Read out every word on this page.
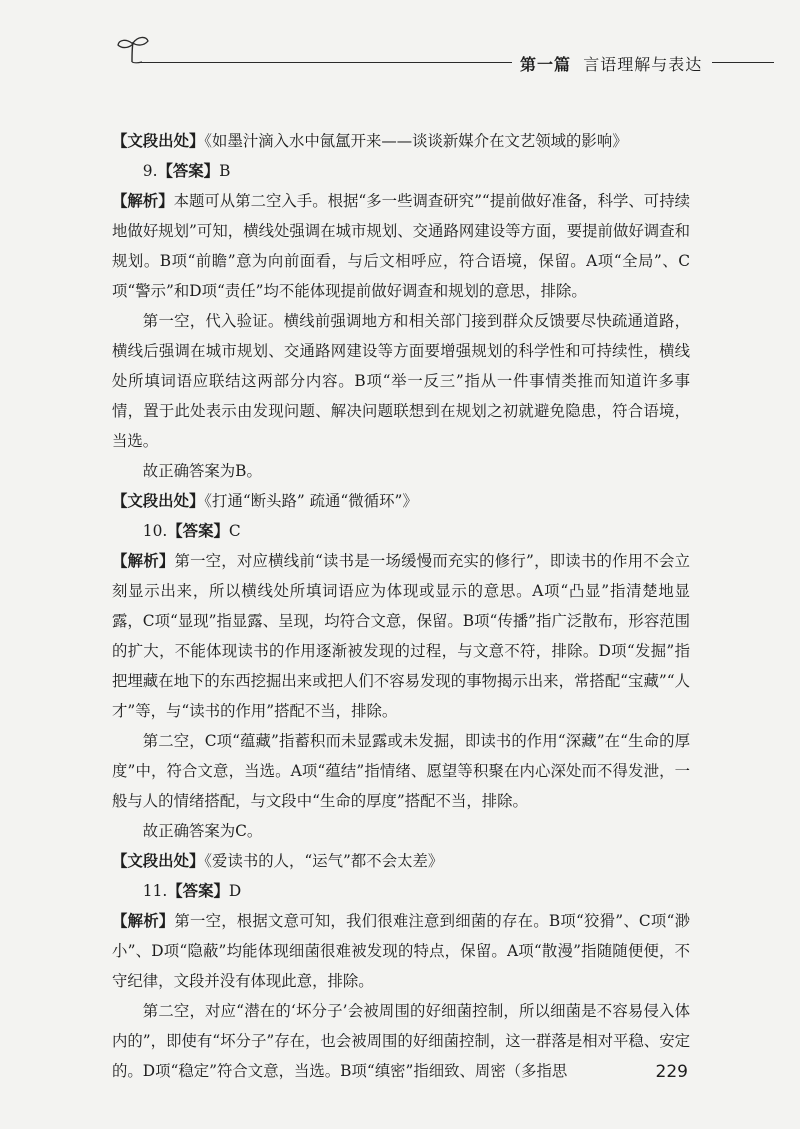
第一篇 言语理解与表达

【文段出处】《如墨汁滴入水中氤氲开来——谈谈新媒介在文艺领域的影响》

9.【答案】B

【解析】本题可从第二空入手。根据“多一些调查研究”“提前做好准备，科学、可持续地做好规划”可知，横线处强调在城市规划、交通路网建设等方面，要提前做好调查和规划。B项“前瞻”意为向前面看，与后文相呼应，符合语境，保留。A项“全局”、C项“警示”和D项“责任”均不能体现提前做好调查和规划的意思，排除。

第一空，代入验证。横线前强调地方和相关部门接到群众反馈要尽快疏通道路，横线后强调在城市规划、交通路网建设等方面要增强规划的科学性和可持续性，横线处所填词语应联结这两部分内容。B项“举一反三”指从一件事情类推而知道许多事情，置于此处表示由发现问题、解决问题联想到在规划之初就避免隐患，符合语境，当选。

故正确答案为B。

【文段出处】《打通“断头路” 疏通“微循环”》

10.【答案】C

【解析】第一空，对应横线前“读书是一场缓慢而充实的修行”，即读书的作用不会立刻显示出来，所以横线处所填词语应为体现或显示的意思。A项“凸显”指清楚地显露，C项“显现”指显露、呈现，均符合文意，保留。B项“传播”指广泛散布，形容范围的扩大，不能体现读书的作用逐渐被发现的过程，与文意不符，排除。D项“发掘”指把埋藏在地下的东西挖掘出来或把人们不容易发现的事物揭示出来，常搭配“宝藏”“人才”等，与“读书的作用”搭配不当，排除。

第二空，C项“蕴藏”指蓄积而未显露或未发掘，即读书的作用“深藏”在“生命的厚度”中，符合文意，当选。A项“蕴结”指情绪、愿望等积聚在内心深处而不得发泄，一般与人的情绪搭配，与文段中“生命的厚度”搭配不当，排除。

故正确答案为C。

【文段出处】《爱读书的人，“运气”都不会太差》

11.【答案】D

【解析】第一空，根据文意可知，我们很难注意到细菌的存在。B项“狡猾”、C项“渺小”、D项“隐蔽”均能体现细菌很难被发现的特点，保留。A项“散漫”指随随便便，不守纪律，文段并没有体现此意，排除。

第二空，对应“潜在的‘坏分子’会被周围的好细菌控制，所以细菌是不容易侵入体内的”，即使有“坏分子”存在，也会被周围的好细菌控制，这一群落是相对平稳、安定的。D项“稳定”符合文意，当选。B项“缜密”指细致、周密（多指思	229
